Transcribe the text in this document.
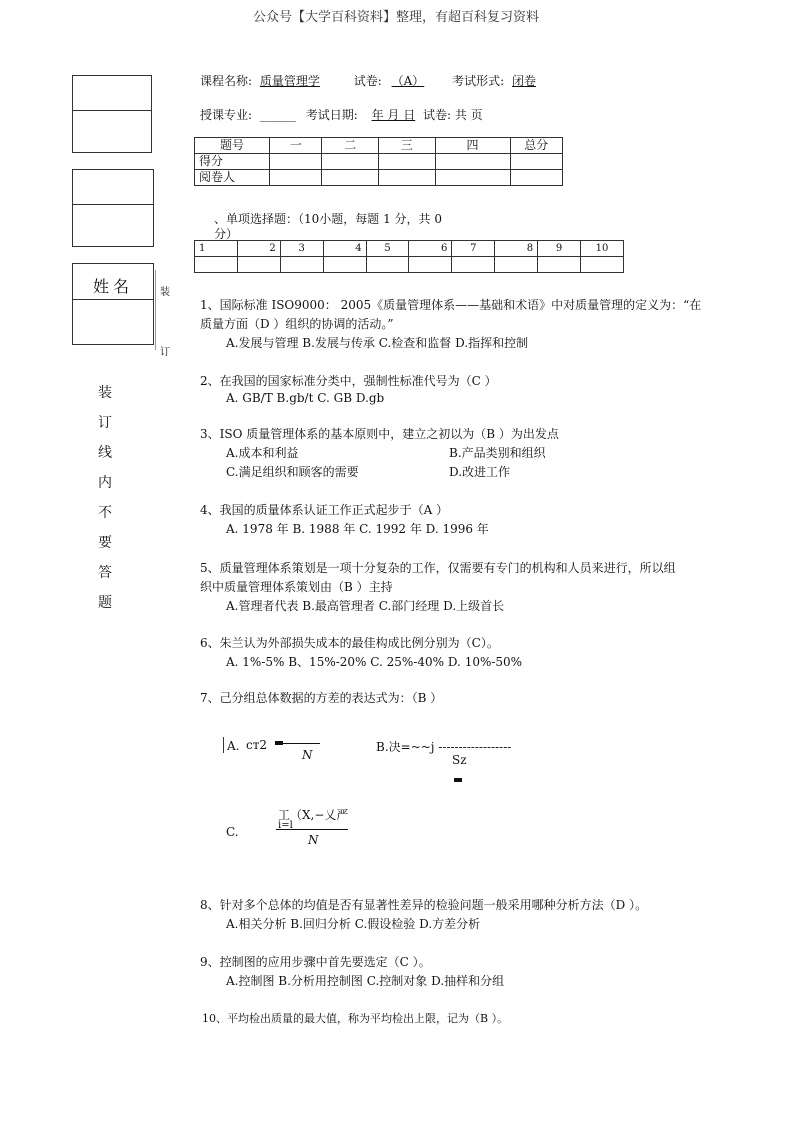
公众号【大学百科资料】整理，有超百科复习资料
姓名	装
订
装
订
线
内
不
要
答
题
课程名称: 质量管理学	试卷: （A） 考试形式: 闭卷
授课专业: ______ 考试日期: 年 月 日 试卷: 共 页
题号	一	二	三	四	总分
得分					
阅卷人					
、单项选择题：（10小题，每题 1 分，共 0
分）
1	2	3	4	5	6	7	8	9	10

1、国际标准 ISO9000： 2005《质量管理体系——基础和术语》中对质量管理的定义为：“在
质量方面（D ）组织的协调的活动。”
A.发展与管理 B.发展与传承 C.检查和监督 D.指挥和控制
2、在我国的国家标准分类中，强制性标准代号为（C ）
A. GB/T B.gb/t C. GB D.gb
3、ISO 质量管理体系的基本原则中，建立之初以为（B ）为出发点
A.成本和利益	B.产品类别和组织
C.满足组织和顾客的需要	D.改进工作
4、我国的质量体系认证工作正式起步于（A ）
A. 1978 年 B. 1988 年 C. 1992 年 D. 1996 年
5、质量管理体系策划是一项十分复杂的工作，仅需要有专门的机构和人员来进行，所以组
织中质量管理体系策划由（B ）主持
A.管理者代表 B.最高管理者 C.部门经理 D.上级首长
6、朱兰认为外部损失成本的最佳构成比例分别为（C）。
A. 1%-5% B、15%-20% C. 25%-40% D. 10%-50%
7、己分组总体数据的方差的表达式为：（B ）
A. ст2
N
B.决=~~j ------------------
Sz
C.
工（X,−乂严
i=l
N
8、针对多个总体的均值是否有显著性差异的检验问题一般采用哪种分析方法（D ）。
A.相关分析 B.回归分析 C.假设检验 D.方差分析
9、控制图的应用步骤中首先要选定（C ）。
A.控制图 B.分析用控制图 C.控制对象 D.抽样和分组
10、平均检出质量的最大值，称为平均检出上限，记为（B ）。
